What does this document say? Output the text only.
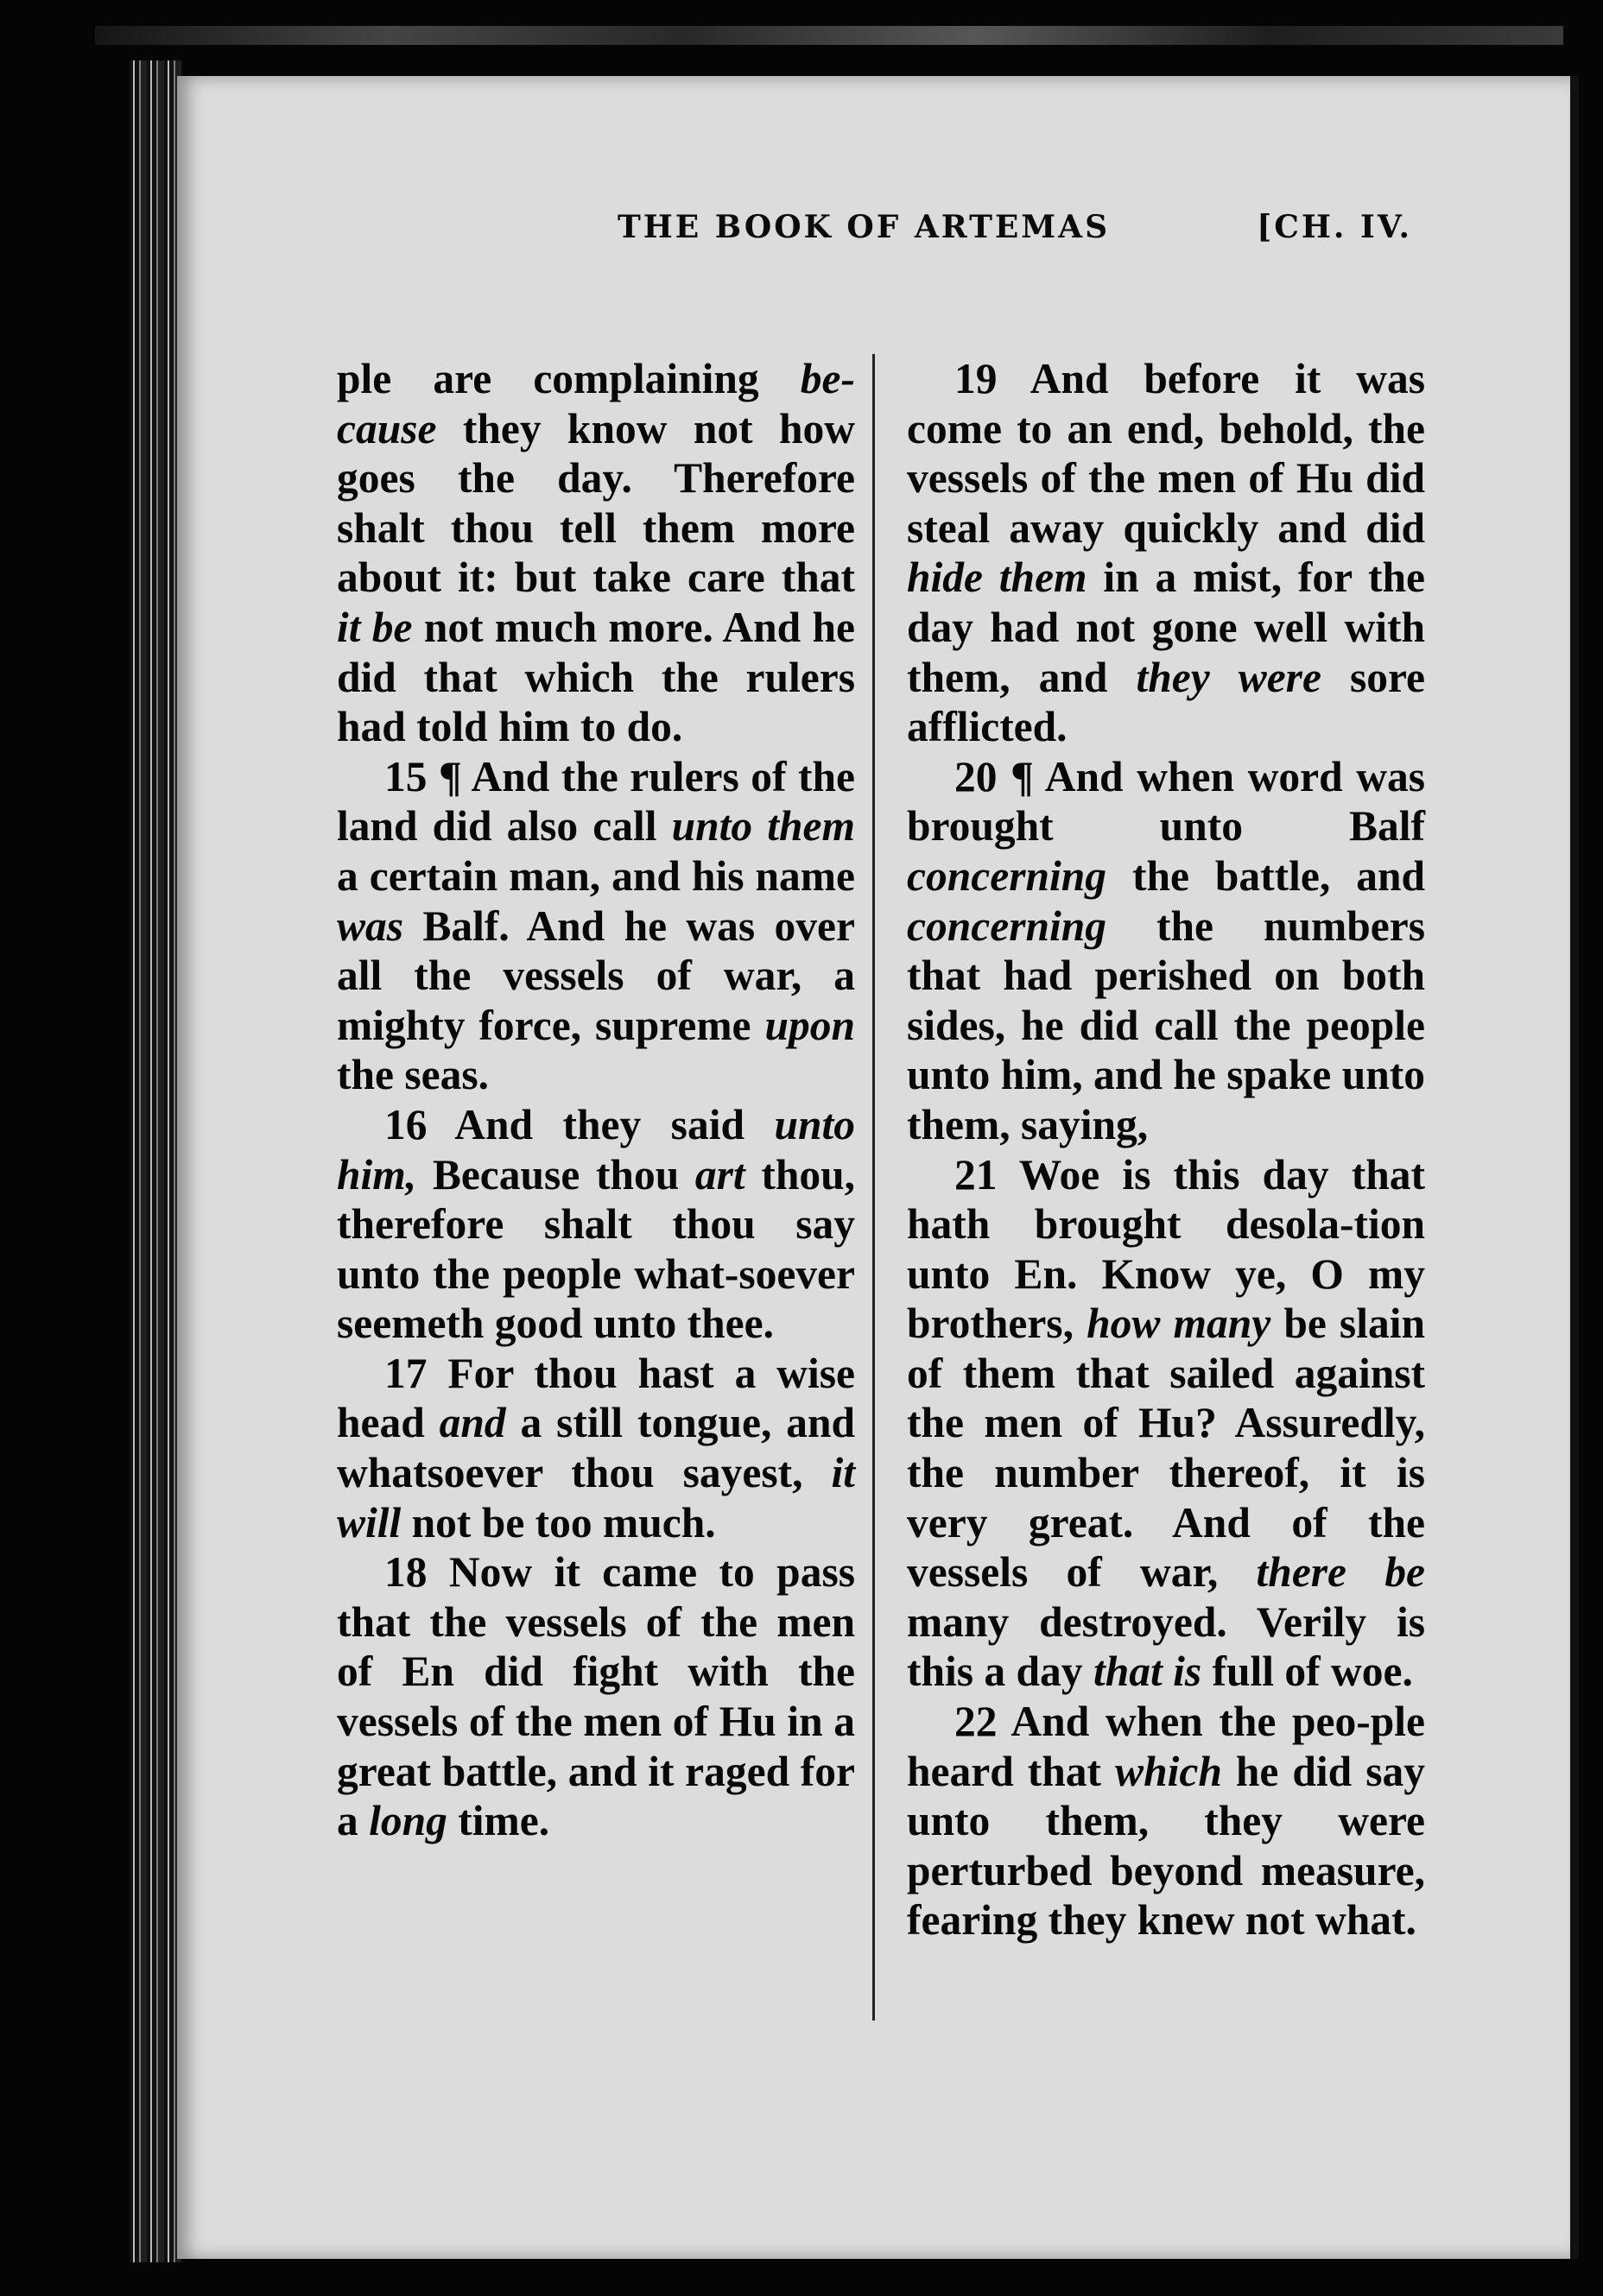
THE BOOK OF ARTEMAS	[CH. IV.

ple are complaining be-cause they know not how goes the day. Therefore shalt thou tell them more about it: but take care that it be not much more. And he did that which the rulers had told him to do.

15 ¶ And the rulers of the land did also call unto them a certain man, and his name was Balf. And he was over all the vessels of war, a mighty force, supreme upon the seas.

16 And they said unto him, Because thou art thou, therefore shalt thou say unto the people what-soever seemeth good unto thee.

17 For thou hast a wise head and a still tongue, and whatsoever thou sayest, it will not be too much.

18 Now it came to pass that the vessels of the men of En did fight with the vessels of the men of Hu in a great battle, and it raged for a long time.

19 And before it was come to an end, behold, the vessels of the men of Hu did steal away quickly and did hide them in a mist, for the day had not gone well with them, and they were sore afflicted.

20 ¶ And when word was brought unto Balf concerning the battle, and concerning the numbers that had perished on both sides, he did call the people unto him, and he spake unto them, saying,

21 Woe is this day that hath brought desola-tion unto En. Know ye, O my brothers, how many be slain of them that sailed against the men of Hu? Assuredly, the number thereof, it is very great. And of the vessels of war, there be many destroyed. Verily is this a day that is full of woe.

22 And when the peo-ple heard that which he did say unto them, they were perturbed beyond measure, fearing they knew not what.
